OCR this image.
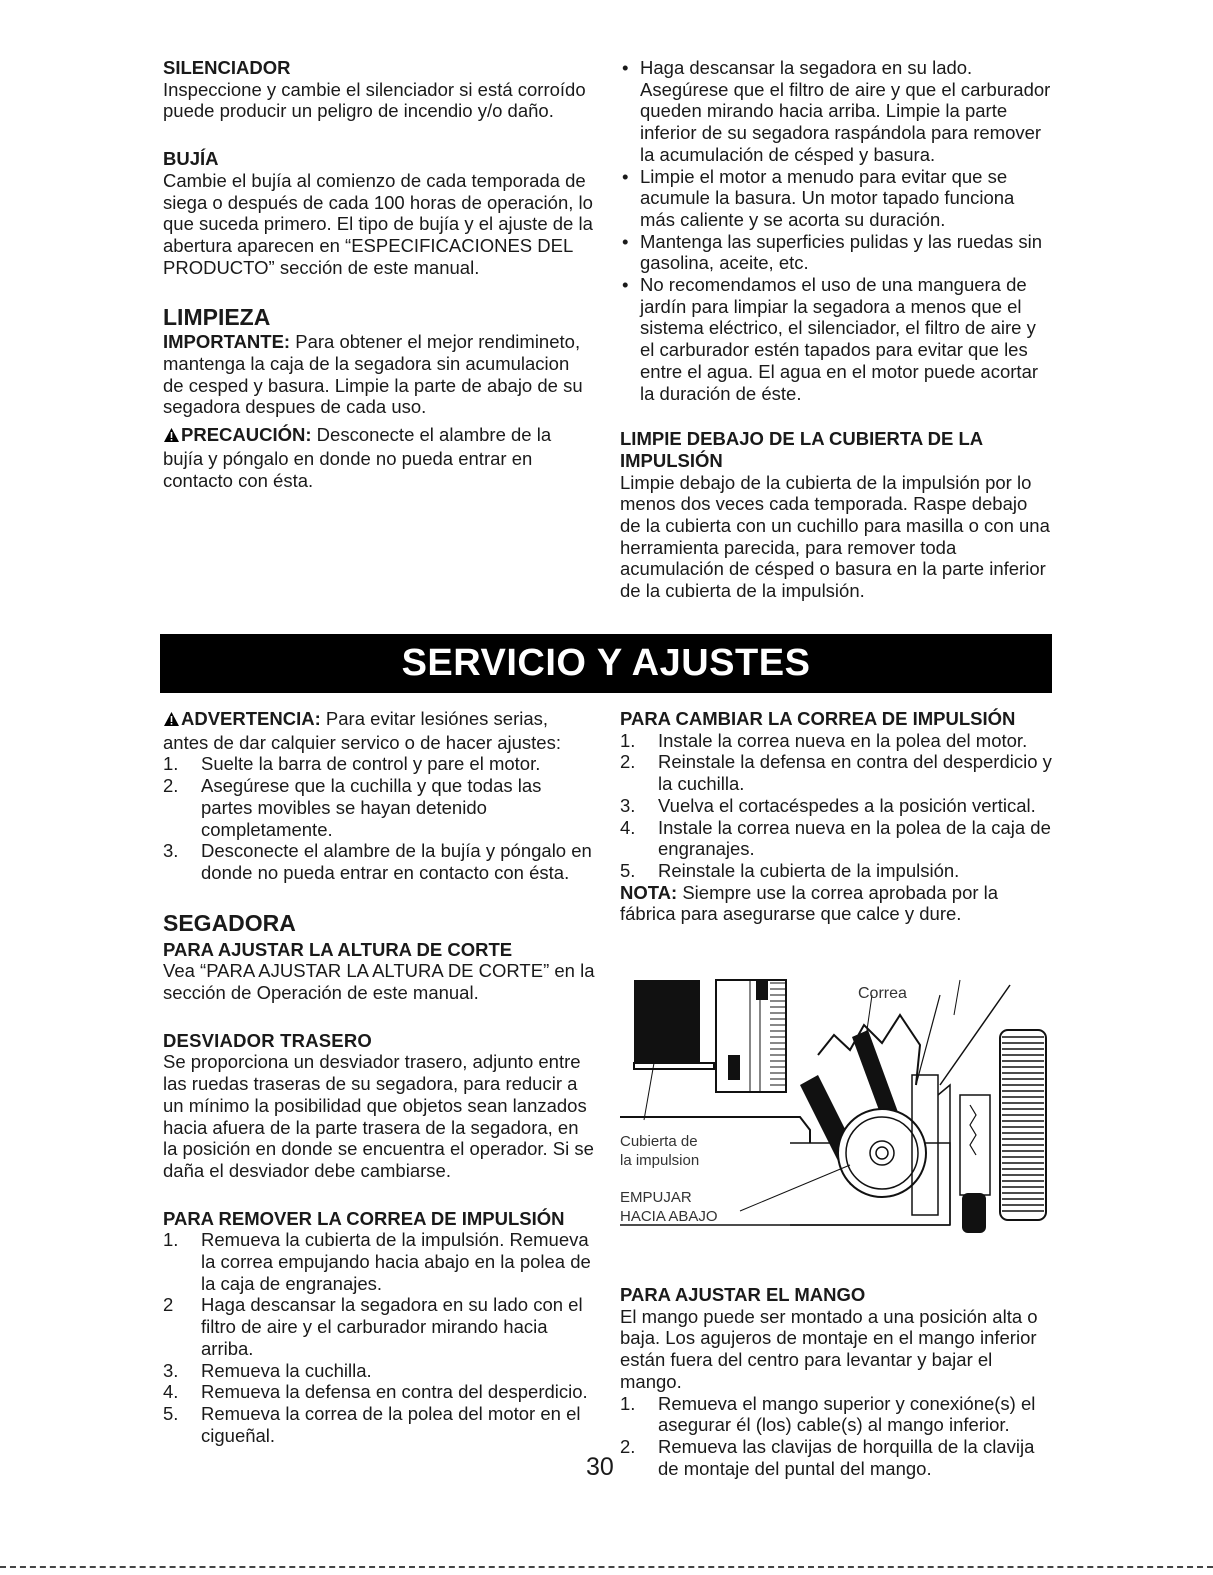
SILENCIADOR

Inspeccione y cambie el silenciador si está corroído puede producir un peligro de incendio y/o daño.

BUJÍA

Cambie el bujía al comienzo de cada temporada de siega o después de cada 100 horas de operación, lo que suceda primero. El tipo de bujía y el ajuste de la abertura aparecen en “ESPECIFICACIONES DEL PRODUCTO” sección de este manual.

LIMPIEZA

IMPORTANTE: Para obtener el mejor rendimineto, mantenga la caja de la segadora sin acumulacion de cesped y basura. Limpie la parte de abajo de su segadora despues de cada uso.

PRECAUCIÓN: Desconecte el alambre de la bujía y póngalo en donde no pueda entrar en contacto con ésta.

• Haga descansar la segadora en su lado. Asegúrese que el filtro de aire y que el carburador queden mirando hacia arriba. Limpie la parte inferior de su segadora raspándola para remover la acumulación de césped y basura.
• Limpie el motor a menudo para evitar que se acumule la basura. Un motor tapado funciona más caliente y se acorta su duración.
• Mantenga las superficies pulidas y las ruedas sin gasolina, aceite, etc.
• No recomendamos el uso de una manguera de jardín para limpiar la segadora a menos que el sistema eléctrico, el silenciador, el filtro de aire y el carburador estén tapados para evitar que les entre el agua. El agua en el motor puede acortar la duración de éste.

LIMPIE DEBAJO DE LA CUBIERTA DE LA IMPULSIÓN

Limpie debajo de la cubierta de la impulsión por lo menos dos veces cada temporada. Raspe debajo de la cubierta con un cuchillo para masilla o con una herramienta parecida, para remover toda acumulación de césped o basura en la parte inferior de la cubierta de la impulsión.

SERVICIO Y AJUSTES

ADVERTENCIA: Para evitar lesiónes serias, antes de dar calquier servico o de hacer ajustes:

1. Suelte la barra de control y pare el motor.
2. Asegúrese que la cuchilla y que todas las partes movibles se hayan detenido completamente.
3. Desconecte el alambre de la bujía y póngalo en donde no pueda entrar en contacto con ésta.

SEGADORA

PARA AJUSTAR LA ALTURA DE CORTE

Vea “PARA AJUSTAR LA ALTURA DE CORTE” en la sección de Operación de este manual.

DESVIADOR TRASERO

Se proporciona un desviador trasero, adjunto entre las ruedas traseras de su segadora, para reducir a un mínimo la posibilidad que objetos sean lanzados hacia afuera de la parte trasera de la segadora, en la posición en donde se encuentra el operador. Si se daña el desviador debe cambiarse.

PARA REMOVER LA CORREA DE IMPULSIÓN

1. Remueva la cubierta de la impulsión. Remueva la correa empujando hacia abajo en la polea de la caja de engranajes.
2 Haga descansar la segadora en su lado con el filtro de aire y el carburador mirando hacia arriba.
3. Remueva la cuchilla.
4. Remueva la defensa en contra del desperdicio.
5. Remueva la correa de la polea del motor en el cigueñal.

PARA CAMBIAR LA CORREA DE IMPULSIÓN

1. Instale la correa nueva en la polea del motor.
2. Reinstale la defensa en contra del desperdicio y la cuchilla.
3. Vuelva el cortacéspedes a la posición vertical.
4. Instale la correa nueva en la polea de la caja de engranajes.
5. Reinstale la cubierta de la impulsión.

NOTA: Siempre use la correa aprobada por la fábrica para asegurarse que calce y dure.

Correa
Cubierta de
la impulsion
EMPUJAR
HACIA ABAJO

PARA AJUSTAR EL MANGO

El mango puede ser montado a una posición alta o baja. Los agujeros de montaje en el mango inferior están fuera del centro para levantar y bajar el mango.

1. Remueva el mango superior y conexióne(s) el asegurar él (los) cable(s) al mango inferior.
2. Remueva las clavijas de horquilla de la clavija de montaje del puntal del mango.
30
